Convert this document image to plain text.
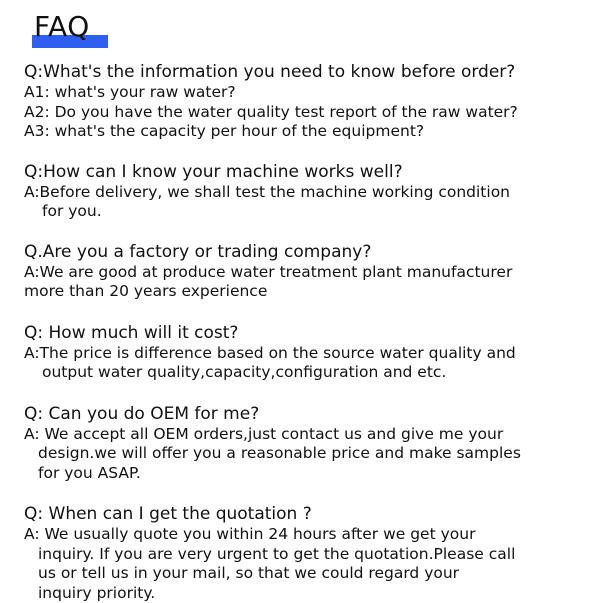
FAQ
Q:What's the information you need to know before order?
A1: what's your raw water?
A2: Do you have the water quality test report of the raw water?
A3: what's the capacity per hour of the equipment?
Q:How can I know your machine works well?
A:Before delivery, we shall test the machine working condition
for you.
Q.Are you a factory or trading company?
A:We are good at produce water treatment plant manufacturer
more than 20 years experience
Q: How much will it cost?
A:The price is difference based on the source water quality and
output water quality,capacity,configuration and etc.
Q: Can you do OEM for me?
A: We accept all OEM orders,just contact us and give me your
design.we will offer you a reasonable price and make samples
for you ASAP.
Q: When can I get the quotation ?
A: We usually quote you within 24 hours after we get your
inquiry. If you are very urgent to get the quotation.Please call
us or tell us in your mail, so that we could regard your
inquiry priority.
